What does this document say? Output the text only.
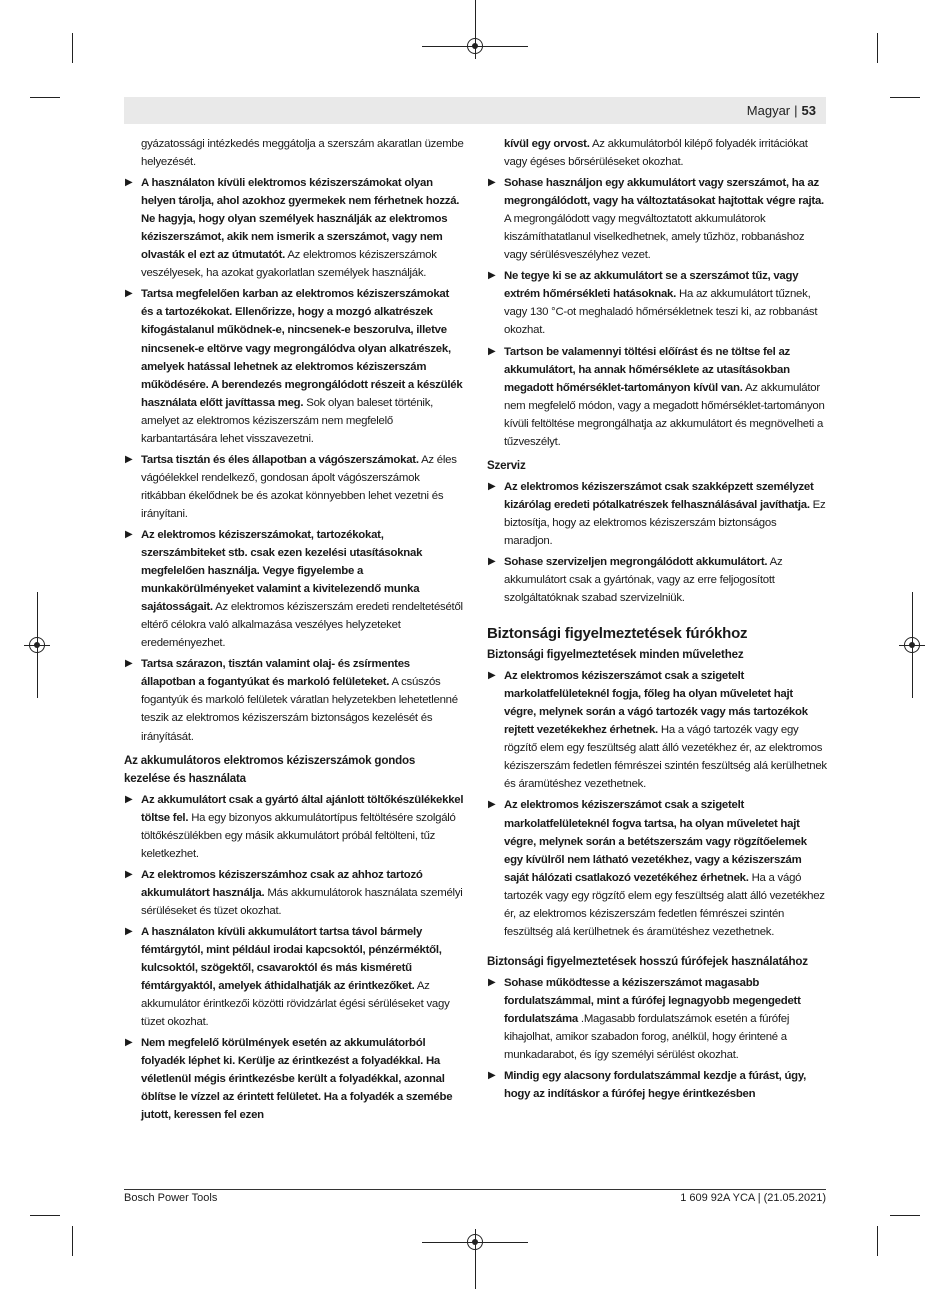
Magyar | 53
gyázatossági intézkedés meggátolja a szerszám akaratlan üzembe helyezését.
▶ A használaton kívüli elektromos kéziszerszámokat olyan helyen tárolja, ahol azokhoz gyermekek nem férhetnek hozzá. Ne hagyja, hogy olyan személyek használják az elektromos kéziszerszámot, akik nem ismerik a szerszámot, vagy nem olvasták el ezt az útmutatót. Az elektromos kéziszerszámok veszélyesek, ha azokat gyakorlatlan személyek használják.
▶ Tartsa megfelelően karban az elektromos kéziszerszámokat és a tartozékokat. Ellenőrizze, hogy a mozgó alkatrészek kifogástalanul működnek-e, nincsenek-e beszorulva, illetve nincsenek-e eltörve vagy megrongálódva olyan alkatrészek, amelyek hatással lehetnek az elektromos kéziszerszám működésére. A berendezés megrongálódott részeit a készülék használata előtt javíttassa meg. Sok olyan baleset történik, amelyet az elektromos kéziszerszám nem megfelelő karbantartására lehet visszavezetni.
▶ Tartsa tisztán és éles állapotban a vágószerszámokat. Az éles vágóélekkel rendelkező, gondosan ápolt vágószerszámok ritkábban ékelődnek be és azokat könnyebben lehet vezetni és irányítani.
▶ Az elektromos kéziszerszámokat, tartozékokat, szerszámbiteket stb. csak ezen kezelési utasításoknak megfelelően használja. Vegye figyelembe a munkakörülményeket valamint a kivitelezendő munka sajátosságait. Az elektromos kéziszerszám eredeti rendeltetésétől eltérő célokra való alkalmazása veszélyes helyzeteket eredeményezhet.
▶ Tartsa szárazon, tisztán valamint olaj- és zsírmentes állapotban a fogantyúkat és markoló felületeket. A csúszós fogantyúk és markoló felületek váratlan helyzetekben lehetetlenné teszik az elektromos kéziszerszám biztonságos kezelését és irányítását.
Az akkumulátoros elektromos kéziszerszámok gondos kezelése és használata
▶ Az akkumulátort csak a gyártó által ajánlott töltőkészülékekkel töltse fel. Ha egy bizonyos akkumulátortípus feltöltésére szolgáló töltőkészülékben egy másik akkumulátort próbál feltölteni, tűz keletkezhet.
▶ Az elektromos kéziszerszámhoz csak az ahhoz tartozó akkumulátort használja. Más akkumulátorok használata személyi sérüléseket és tüzet okozhat.
▶ A használaton kívüli akkumulátort tartsa távol bármely fémtárgytól, mint például irodai kapcsoktól, pénzérméktől, kulcsoktól, szögektől, csavaroktól és más kisméretű fémtárgyaktól, amelyek áthidalhatják az érintkezőket. Az akkumulátor érintkezői közötti rövidzárlat égési sérüléseket vagy tüzet okozhat.
▶ Nem megfelelő körülmények esetén az akkumulátorból folyadék léphet ki. Kerülje az érintkezést a folyadékkal. Ha véletlenül mégis érintkezésbe került a folyadékkal, azonnal öblítse le vízzel az érintett felületet. Ha a folyadék a szemébe jutott, keressen fel ezen
kívül egy orvost. Az akkumulátorból kilépő folyadék irritációkat vagy égéses bőrsérüléseket okozhat.
▶ Sohase használjon egy akkumulátort vagy szerszámot, ha az megrongálódott, vagy ha változtatásokat hajtottak végre rajta. A megrongálódott vagy megváltoztatott akkumulátorok kiszámíthatatlanul viselkedhetnek, amely tűzhöz, robbanáshoz vagy sérülésveszélyhez vezet.
▶ Ne tegye ki se az akkumulátort se a szerszámot tűz, vagy extrém hőmérsékleti hatásoknak. Ha az akkumulátort tűznek, vagy 130 °C-ot meghaladó hőmérsékletnek teszi ki, az robbanást okozhat.
▶ Tartson be valamennyi töltési előírást és ne töltse fel az akkumulátort, ha annak hőmérséklete az utasításokban megadott hőmérséklet-tartományon kívül van. Az akkumulátor nem megfelelő módon, vagy a megadott hőmérséklet-tartományon kívüli feltöltése megrongálhatja az akkumulátort és megnövelheti a tűzveszélyt.
Szerviz
▶ Az elektromos kéziszerszámot csak szakképzett személyzet kizárólag eredeti pótalkatrészek felhasználásával javíthatja. Ez biztosítja, hogy az elektromos kéziszerszám biztonságos maradjon.
▶ Sohase szervizeljen megrongálódott akkumulátort. Az akkumulátort csak a gyártónak, vagy az erre feljogosított szolgáltatóknak szabad szervizelniük.
Biztonsági figyelmeztetések fúrókhoz
Biztonsági figyelmeztetések minden művelethez
▶ Az elektromos kéziszerszámot csak a szigetelt markolatfelületeknél fogja, főleg ha olyan műveletet hajt végre, melynek során a vágó tartozék vagy más tartozékok rejtett vezetékekhez érhetnek. Ha a vágó tartozék vagy egy rögzítő elem egy feszültség alatt álló vezetékhez ér, az elektromos kéziszerszám fedetlen fémrészei szintén feszültség alá kerülhetnek és áramütéshez vezethetnek.
▶ Az elektromos kéziszerszámot csak a szigetelt markolatfelületeknél fogva tartsa, ha olyan műveletet hajt végre, melynek során a betétszerszám vagy rögzítőelemek egy kívülről nem látható vezetékhez, vagy a kéziszerszám saját hálózati csatlakozó vezetékéhez érhetnek. Ha a vágó tartozék vagy egy rögzítő elem egy feszültség alatt álló vezetékhez ér, az elektromos kéziszerszám fedetlen fémrészei szintén feszültség alá kerülhetnek és áramütéshez vezethetnek.
Biztonsági figyelmeztetések hosszú fúrófejek használatához
▶ Sohase működtesse a kéziszerszámot magasabb fordulatszámmal, mint a fúrófej legnagyobb megengedett fordulatszáma .Magasabb fordulatszámok esetén a fúrófej kihajolhat, amikor szabadon forog, anélkül, hogy érintené a munkadarabot, és így személyi sérülést okozhat.
▶ Mindig egy alacsony fordulatszámmal kezdje a fúrást, úgy, hogy az indításkor a fúrófej hegye érintkezésben
Bosch Power Tools	1 609 92A YCA | (21.05.2021)
